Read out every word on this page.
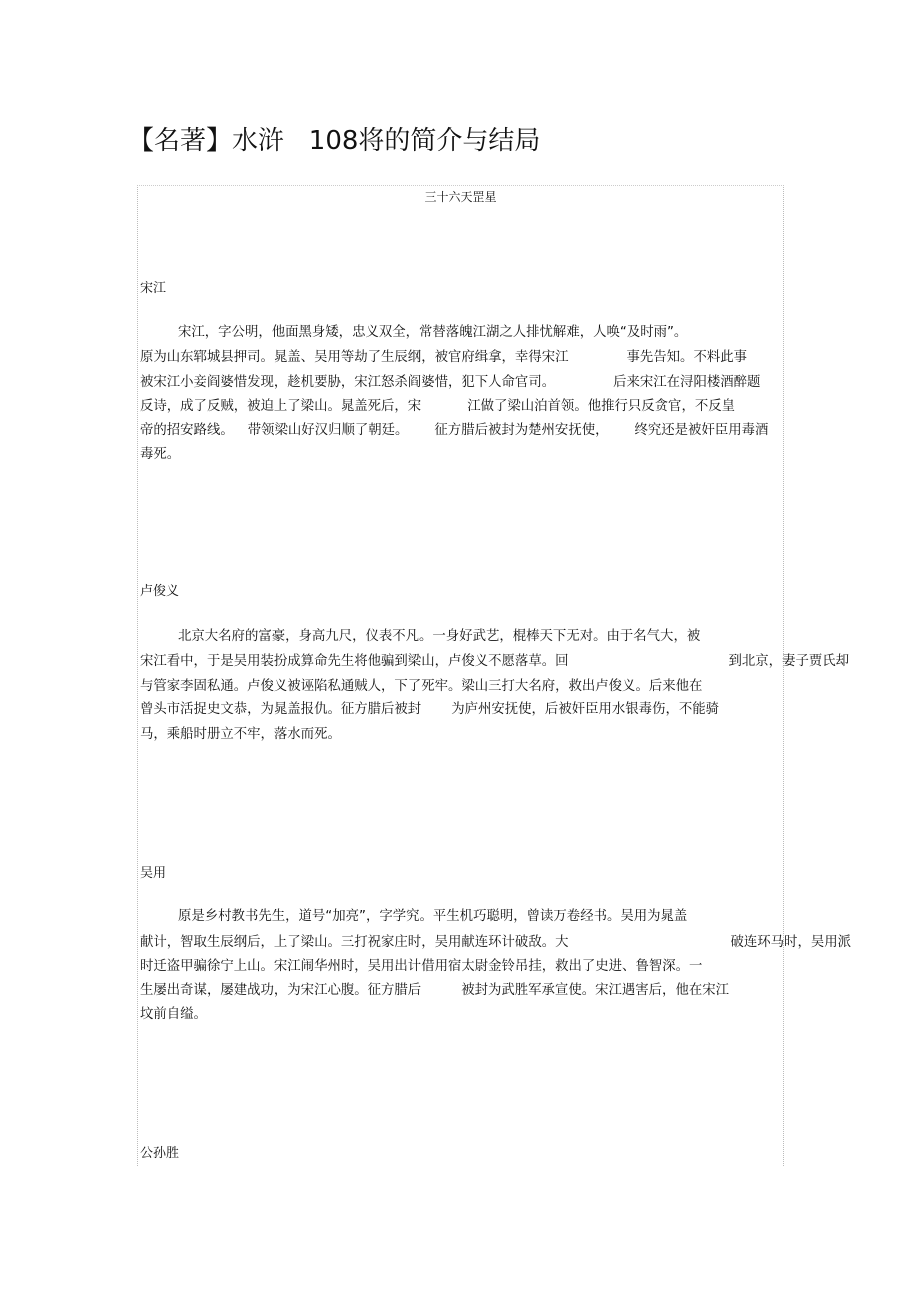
【名著】水浒   108将的简介与结局
三十六天罡星
宋江
宋江，字公明，他面黑身矮，忠义双全，常替落魄江湖之人排忧解难，人唤“及时雨”。
原为山东郓城县押司。晁盖、吴用等劫了生辰纲，被官府缉拿，幸得宋江	事先告知。不料此事
被宋江小妾阎婆惜发现，趁机要胁，宋江怒杀阎婆惜，犯下人命官司。	后来宋江在浔阳楼酒醉题
反诗，成了反贼，被迫上了梁山。晁盖死后，宋	江做了梁山泊首领。他推行只反贪官，不反皇
帝的招安路线。 带领梁山好汉归顺了朝廷。 征方腊后被封为楚州安抚使， 终究还是被奸臣用毒酒
毒死。
卢俊义
北京大名府的富豪，身高九尺，仪表不凡。一身好武艺，棍棒天下无对。由于名气大，被
宋江看中，于是吴用装扮成算命先生将他骗到梁山，卢俊义不愿落草。回	到北京，妻子贾氏却
与管家李固私通。卢俊义被诬陷私通贼人，下了死牢。梁山三打大名府，救出卢俊义。后来他在
曾头市活捉史文恭，为晁盖报仇。征方腊后被封 为庐州安抚使，后被奸臣用水银毒伤，不能骑
马，乘船时册立不牢，落水而死。
吴用
原是乡村教书先生，道号“加亮”，字学究。平生机巧聪明，曾读万卷经书。吴用为晁盖
献计，智取生辰纲后，上了梁山。三打祝家庄时，吴用献连环计破敌。大	破连环马时，吴用派
时迁盗甲骗徐宁上山。宋江闹华州时，吴用出计借用宿太尉金铃吊挂，救出了史进、鲁智深。一
生屡出奇谋，屡建战功，为宋江心腹。征方腊后	被封为武胜军承宣使。宋江遇害后，他在宋江
坟前自缢。
公孙胜
